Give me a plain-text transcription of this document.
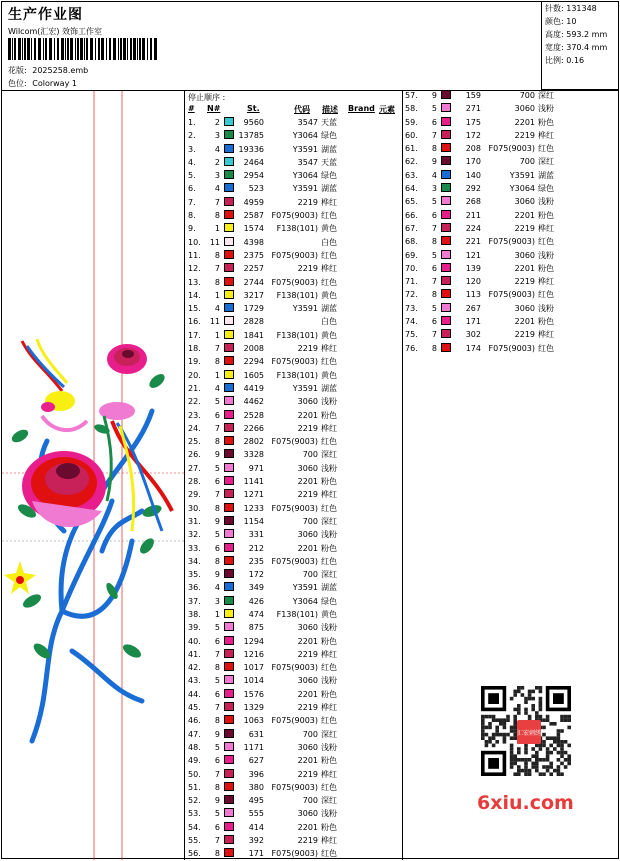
生产作业图
Wilcom(汇宏) 效饰工作室
花版: 2025258.emb
色位: Colorway 1
针数: 131348
颜色: 10
高度: 593.2 mm
宽度: 370.4 mm
比例: 0.16
停止顺序 :
# N#	St.	代码 描述 Brand 元素
1.	2	9560	3547 天蓝
2.	3	13785	Y3064 绿色
3.	4	19336	Y3591 湖蓝
4.	2	2464	3547 天蓝
5.	3	2954	Y3064 绿色
6.	4	523	Y3591 湖蓝
7.	7	4959	2219 桦红
8.	8	2587 F075(9003) 红色
9.	1	1574	F138(101) 黄色
10.	11	4398	白色
11.	8	2375 F075(9003) 红色
12.	7	2257	2219 桦红
13.	8	2744 F075(9003) 红色
14.	1	3217	F138(101) 黄色
15.	4	1729	Y3591 湖蓝
16.	11	2828	白色
17.	1	1841	F138(101) 黄色
18.	7	2008	2219 桦红
19.	8	2294 F075(9003) 红色
20.	1	1605	F138(101) 黄色
21.	4	4419	Y3591 湖蓝
22.	5	4462	3060 浅粉
23.	6	2528	2201 粉色
24.	7	2266	2219 桦红
25.	8	2802 F075(9003) 红色
26.	9	3328	700 深红
27.	5	971	3060 浅粉
28.	6	1141	2201 粉色
29.	7	1271	2219 桦红
30.	8	1233 F075(9003) 红色
31.	9	1154	700 深红
32.	5	331	3060 浅粉
33.	6	212	2201 粉色
34.	8	235 F075(9003) 红色
35.	9	172	700 深红
36.	4	349	Y3591 湖蓝
37.	3	426	Y3064 绿色
38.	1	474	F138(101) 黄色
39.	5	875	3060 浅粉
40.	6	1294	2201 粉色
41.	7	1216	2219 桦红
42.	8	1017 F075(9003) 红色
43.	5	1014	3060 浅粉
44.	6	1576	2201 粉色
45.	7	1329	2219 桦红
46.	8	1063 F075(9003) 红色
47.	9	631	700 深红
48.	5	1171	3060 浅粉
49.	6	627	2201 粉色
50.	7	396	2219 桦红
51.	8	380 F075(9003) 红色
52.	9	495	700 深红
53.	5	555	3060 浅粉
54.	6	414	2201 粉色
55.	7	392	2219 桦红
56.	8	171 F075(9003) 红色
57.	9	159	700 深红
58.	5	271	3060 浅粉
59.	6	175	2201 粉色
60.	7	172	2219 桦红
61.	8	208 F075(9003) 红色
62.	9	170	700 深红
63.	4	140	Y3591 湖蓝
64.	3	292	Y3064 绿色
65.	5	268	3060 浅粉
66.	6	211	2201 粉色
67.	7	224	2219 桦红
68.	8	221 F075(9003) 红色
69.	5	121	3060 浅粉
70.	6	139	2201 粉色
71.	7	120	2219 桦红
72.	8	113 F075(9003) 红色
73.	5	267	3060 浅粉
74.	6	171	2201 粉色
75.	7	302	2219 桦红
76.	8	174 F075(9003) 红色
汇宏刺绣
6xiu.com
